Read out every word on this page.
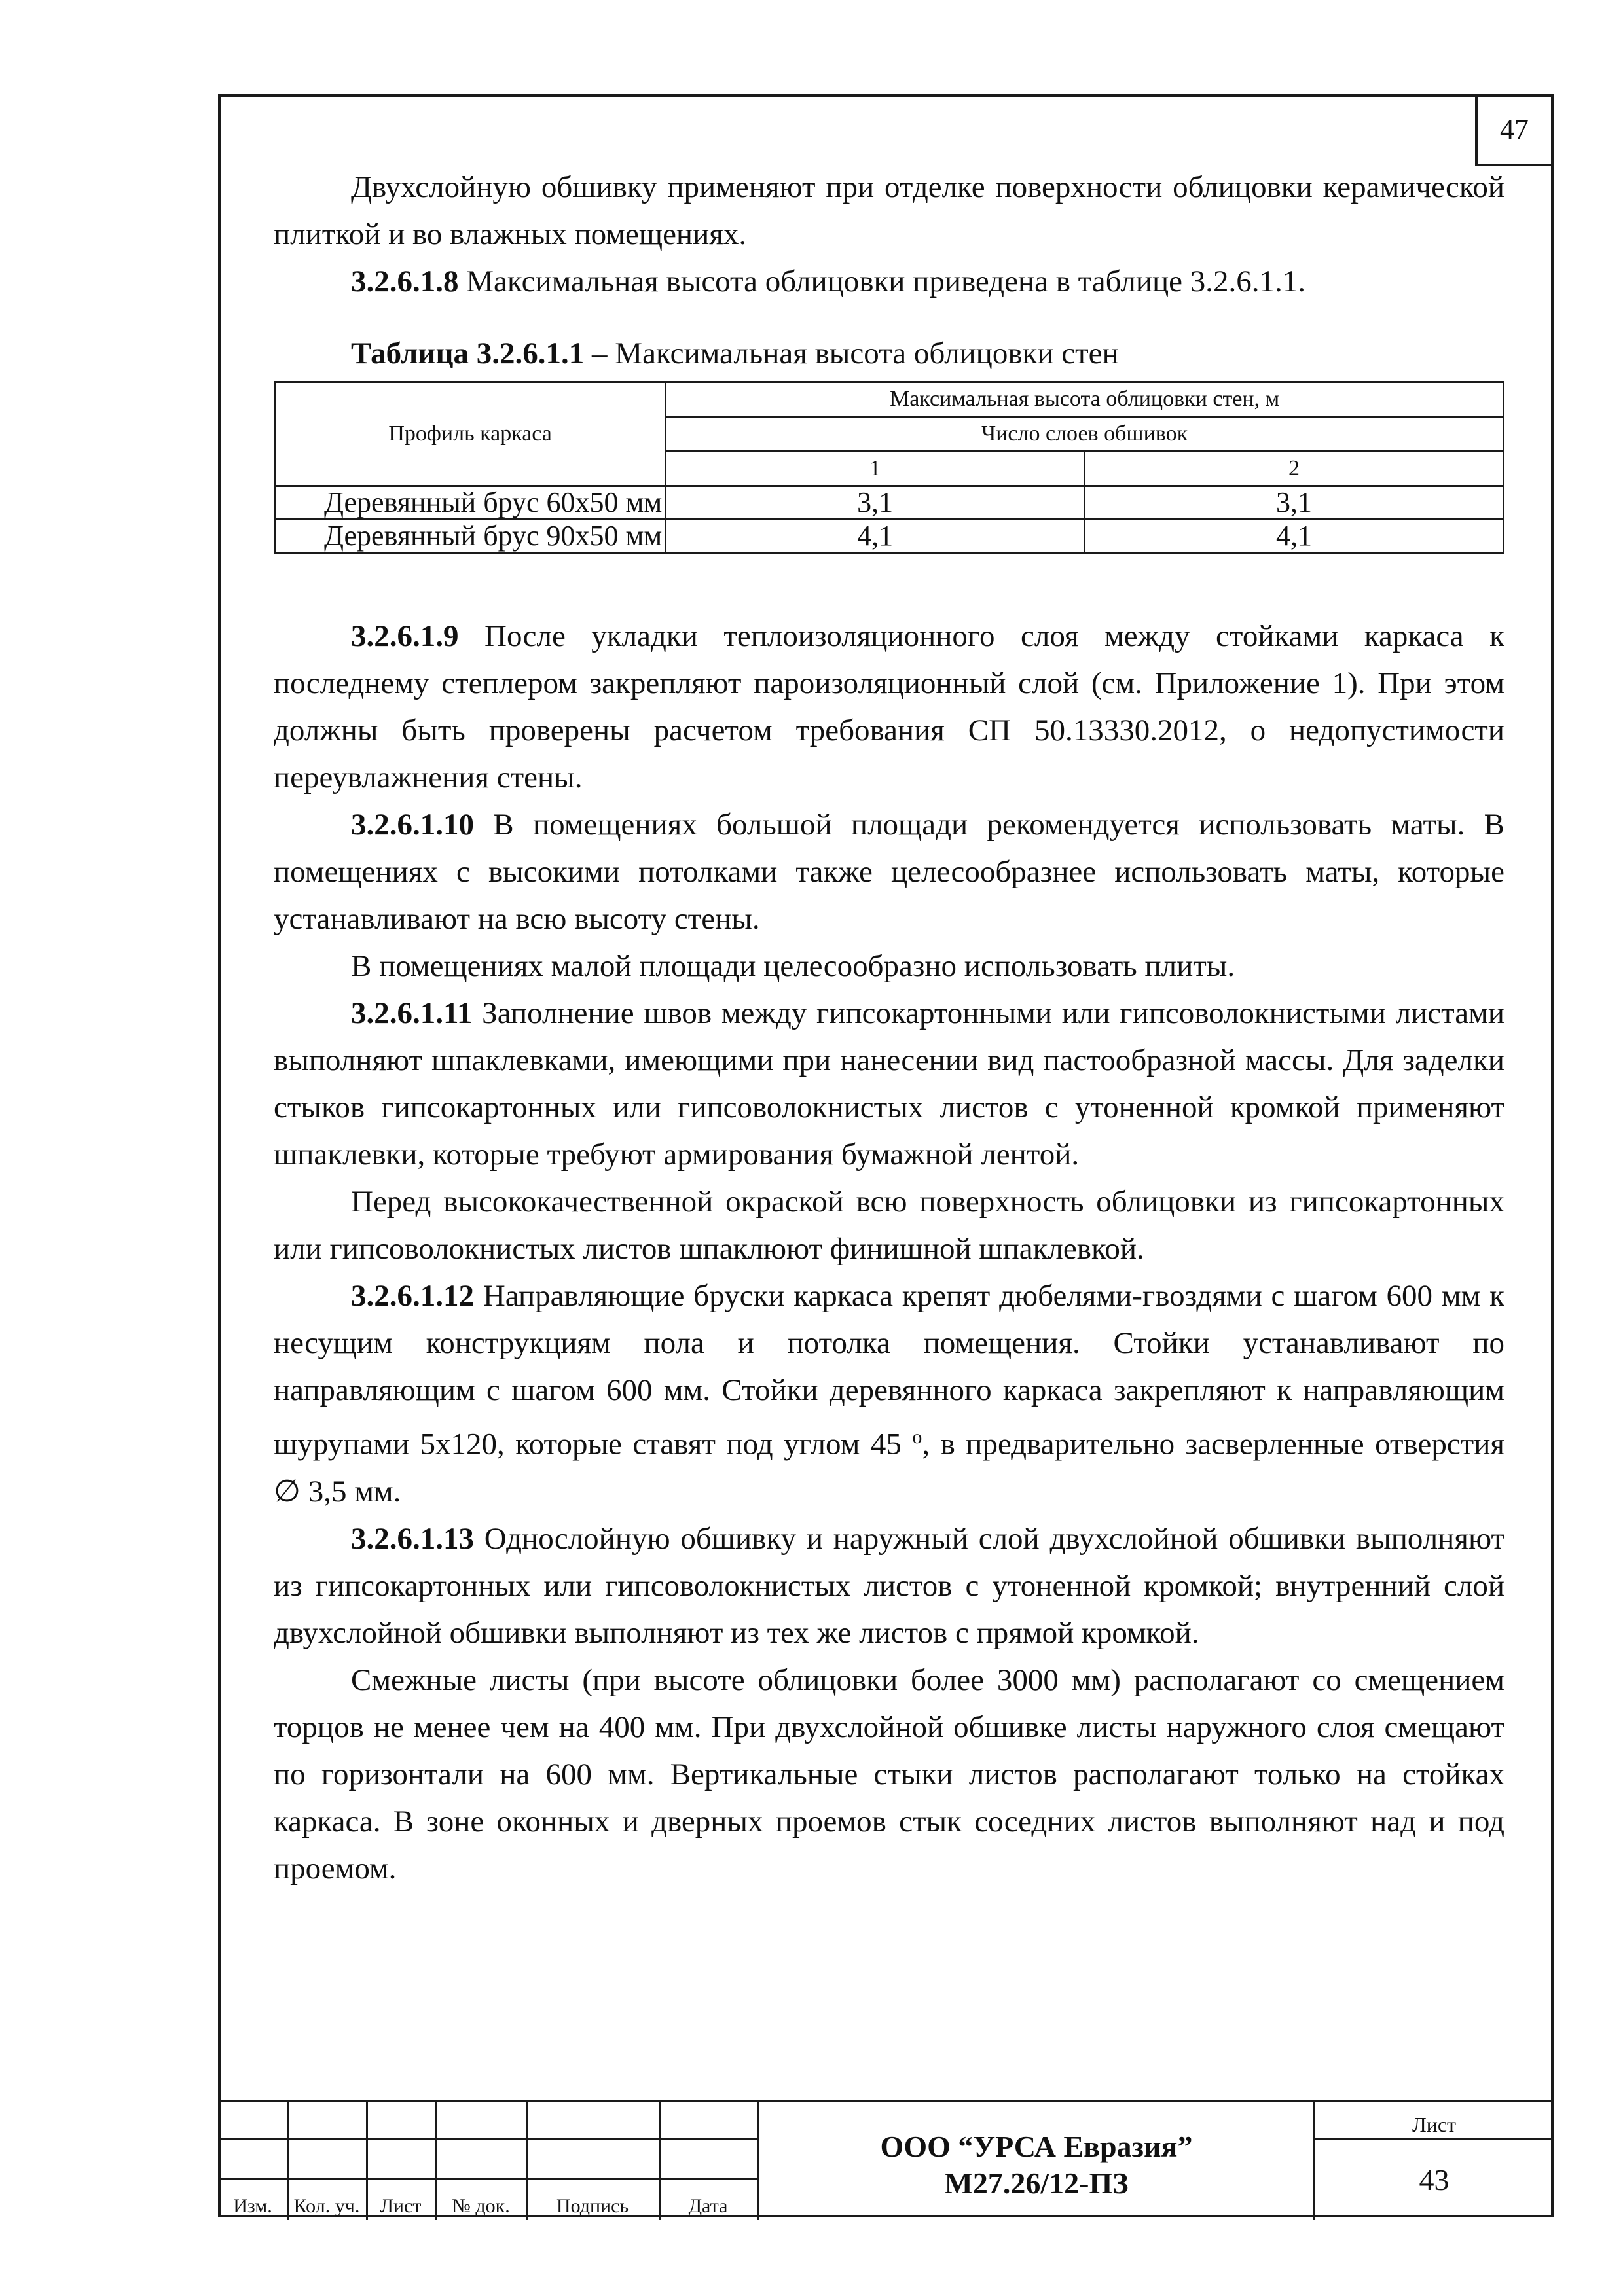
47

Двухслойную обшивку применяют при отделке поверхности облицовки керамической плиткой и во влажных помещениях.

3.2.6.1.8 Максимальная высота облицовки приведена в таблице 3.2.6.1.1.

Таблица 3.2.6.1.1 – Максимальная высота облицовки стен
Профиль каркаса	Максимальная высота облицовки стен, м	
	Число слоев обшивок	
	1	2
Деревянный брус 60х50 мм	3,1	3,1
Деревянный брус 90х50 мм	4,1	4,1

3.2.6.1.9 После укладки теплоизоляционного слоя между стойками каркаса к последнему степлером закрепляют пароизоляционный слой (см. Приложение 1). При этом должны быть проверены расчетом требования СП 50.13330.2012, о недопустимости переувлажнения стены.

3.2.6.1.10 В помещениях большой площади рекомендуется использовать маты. В помещениях с высокими потолками также целесообразнее использовать маты, которые устанавливают на всю высоту стены.

В помещениях малой площади целесообразно использовать плиты.

3.2.6.1.11 Заполнение швов между гипсокартонными или гипсоволокнистыми листами выполняют шпаклевками, имеющими при нанесении вид пастообразной массы. Для заделки стыков гипсокартонных или гипсоволокнистых листов с утоненной кромкой применяют шпаклевки, которые требуют армирования бумажной лентой.

Перед высококачественной окраской всю поверхность облицовки из гипсокартонных или гипсоволокнистых листов шпаклюют финишной шпаклевкой.

3.2.6.1.12 Направляющие бруски каркаса крепят дюбелями-гвоздями с шагом 600 мм к несущим конструкциям пола и потолка помещения. Стойки устанавливают по направляющим с шагом 600 мм. Стойки деревянного каркаса закрепляют к направляющим шурупами 5х120, которые ставят под углом 45 $^о$, в предварительно засверленные отверстия ∅ 3,5 мм.

3.2.6.1.13 Однослойную обшивку и наружный слой двухслойной обшивки выполняют из гипсокартонных или гипсоволокнистых листов с утоненной кромкой; внутренний слой двухслойной обшивки выполняют из тех же листов с прямой кромкой.

Смежные листы (при высоте облицовки более 3000 мм) располагают со смещением торцов не менее чем на 400 мм. При двухслойной обшивке листы наружного слоя смещают по горизонтали на 600 мм. Вертикальные стыки листов располагают только на стойках каркаса. В зоне оконных и дверных проемов стык соседних листов выполняют над и под проемом.

Изм.	Кол. уч.	Лист	№ док.	Подпись	Дата
ООО “УРСА Евразия”
М27.26/12-ПЗ
Лист
43
